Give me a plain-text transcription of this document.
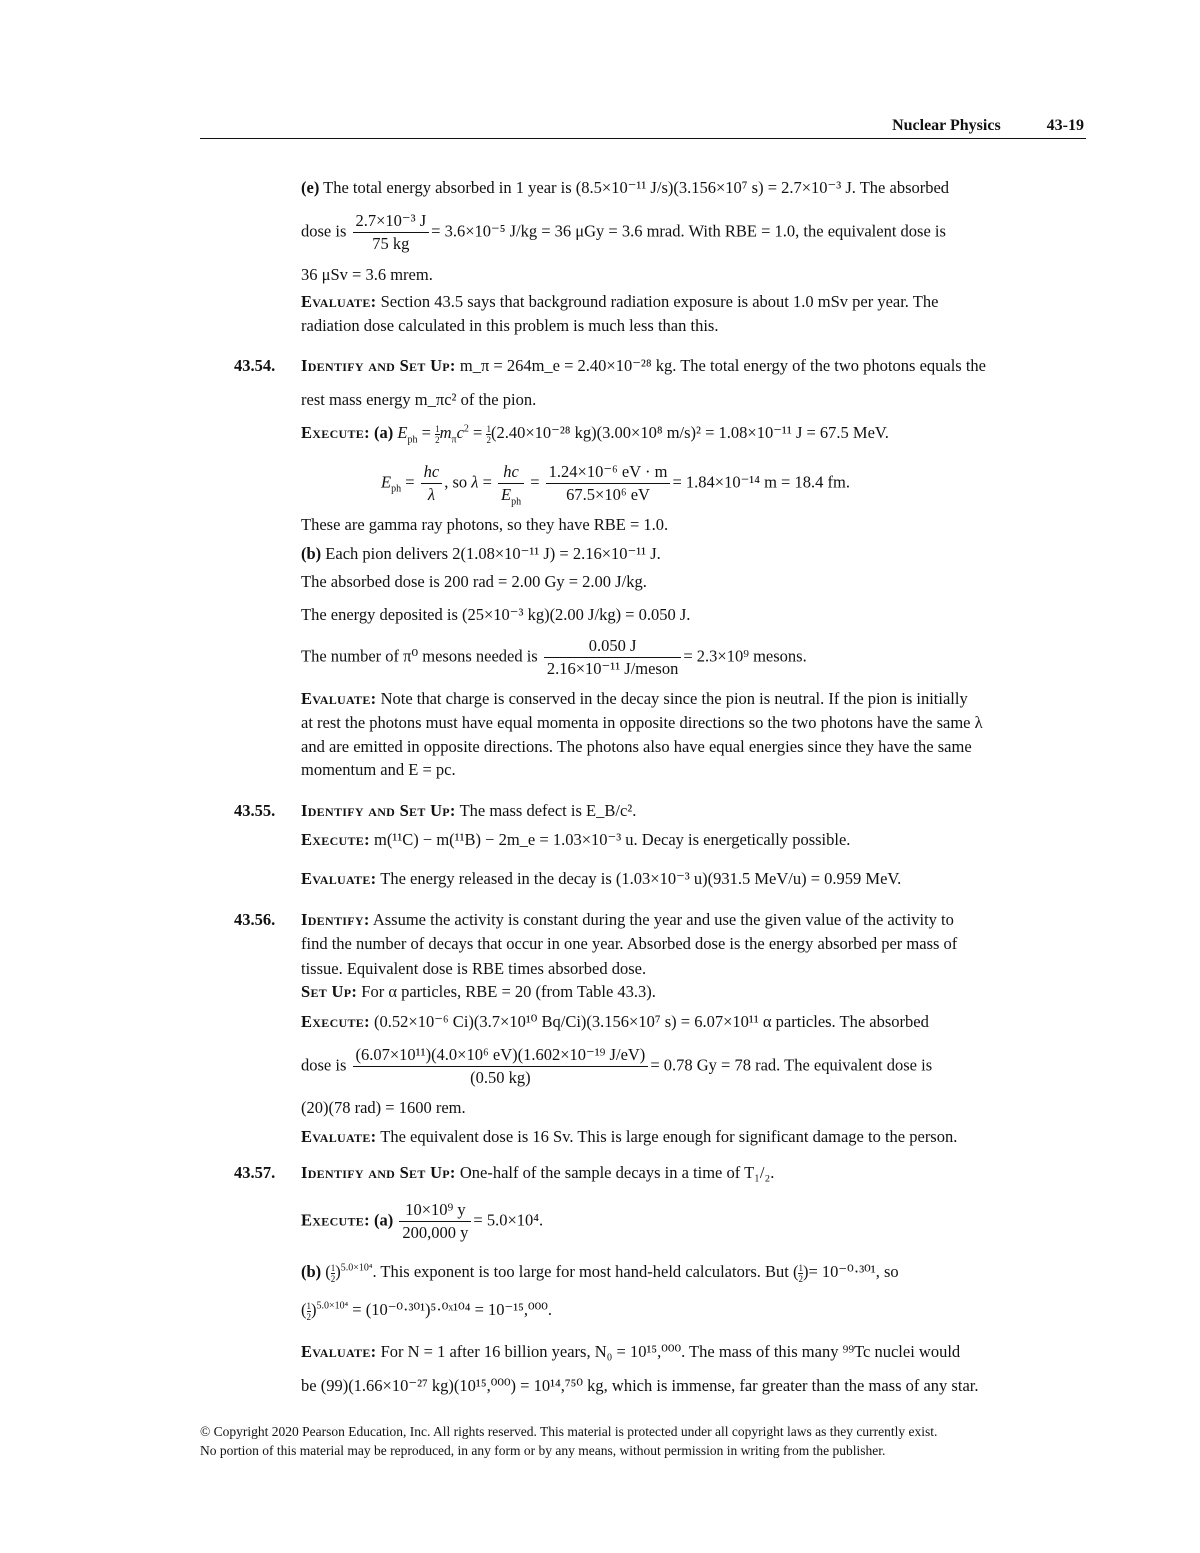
Nuclear Physics	43-19
(e) The total energy absorbed in 1 year is (8.5×10⁻¹¹ J/s)(3.156×10⁷ s) = 2.7×10⁻³ J. The absorbed
dose is $\frac{\text{2.7×10⁻³ J}}{75 kg} = 3.6\times 10^{-5}$ J/kg = 36 μGy = 3.6 mrad. With RBE = 1.0, the equivalent dose is
36 μSv = 3.6 mrem.
Evaluate: Section 43.5 says that background radiation exposure is about 1.0 mSv per year. The
radiation dose calculated in this problem is much less than this.
43.54. Identify and Set Up: m_π = 264m_e = 2.40×10⁻²⁸ kg. The total energy of the two photons equals the
rest mass energy m_πc² of the pion.
Execute: (a) $E_{ph} = \frac{1}{2} m_\pi c^2 = \frac{1}{2} (2.40\times 10^{-28}$ kg)(3.00×10⁸ m/s)² = 1.08×10⁻¹¹ J = 67.5 MeV.
$E_{ph} = \frac{hc}{\lambda}$ , so $\lambda = \frac{hc}{E_{ph}} = \frac{\text{1.24×10⁻⁶ eV · m}}{\text{67.5×10⁶ eV}} = 1.84\times 10^{-14}$ m = 18.4 fm.
These are gamma ray photons, so they have RBE = 1.0.
(b) Each pion delivers 2(1.08×10⁻¹¹ J) = 2.16×10⁻¹¹ J.
The absorbed dose is 200 rad = 2.00 Gy = 2.00 J/kg.
The energy deposited is (25×10⁻³ kg)(2.00 J/kg) = 0.050 J.
The number of π⁰ mesons needed is $\frac{0.050 J}{\text{2.16×10⁻¹¹ J/meson}} = 2.3\times 10^9$ mesons.
Evaluate: Note that charge is conserved in the decay since the pion is neutral. If the pion is initially
at rest the photons must have equal momenta in opposite directions so the two photons have the same λ
and are emitted in opposite directions. The photons also have equal energies since they have the same
momentum and E = pc.
43.55. Identify and Set Up: The mass defect is E_B/c².
Execute: m(¹¹C) − m(¹¹B) − 2m_e = 1.03×10⁻³ u. Decay is energetically possible.
Evaluate: The energy released in the decay is (1.03×10⁻³ u)(931.5 MeV/u) = 0.959 MeV.
43.56. Identify: Assume the activity is constant during the year and use the given value of the activity to
find the number of decays that occur in one year. Absorbed dose is the energy absorbed per mass of
tissue. Equivalent dose is RBE times absorbed dose.
Set Up: For α particles, RBE = 20 (from Table 43.3).
Execute: (0.52×10⁻⁶ Ci)(3.7×10¹⁰ Bq/Ci)(3.156×10⁷ s) = 6.07×10¹¹ α particles. The absorbed
dose is $\frac{\text{(6.07×10¹¹)(4.0×10⁶ eV)(1.602×10⁻¹⁹ J/eV)}}{(0.50 kg)} = 0.78$ Gy = 78 rad. The equivalent dose is
(20)(78 rad) = 1600 rem.
Evaluate: The equivalent dose is 16 Sv. This is large enough for significant damage to the person.
43.57. Identify and Set Up: One-half of the sample decays in a time of T₁/₂.
Execute: $(a) \frac{\text{10×10⁹ y}}{200,000 y} = 5.0\times 10^4$.
(b) ( $\frac{1}{2} )^{5.0\times 10^4}$. This exponent is too large for most hand-held calculators. But ( $\frac{1}{2}$ )= 10⁻⁰·³⁰¹, so
( $\frac{1}{2} )^{5.0\times 10^4}$ = (10⁻⁰·³⁰¹)⁵·⁰ˣ¹⁰⁴ = 10⁻¹⁵,⁰⁰⁰.
Evaluate: For N = 1 after 16 billion years, N₀ = 10¹⁵,⁰⁰⁰. The mass of this many ⁹⁹Tc nuclei would
be (99)(1.66×10⁻²⁷ kg)(10¹⁵,⁰⁰⁰) = 10¹⁴,⁷⁵⁰ kg, which is immense, far greater than the mass of any star.
© Copyright 2020 Pearson Education, Inc. All rights reserved. This material is protected under all copyright laws as they currently exist.
No portion of this material may be reproduced, in any form or by any means, without permission in writing from the publisher.
